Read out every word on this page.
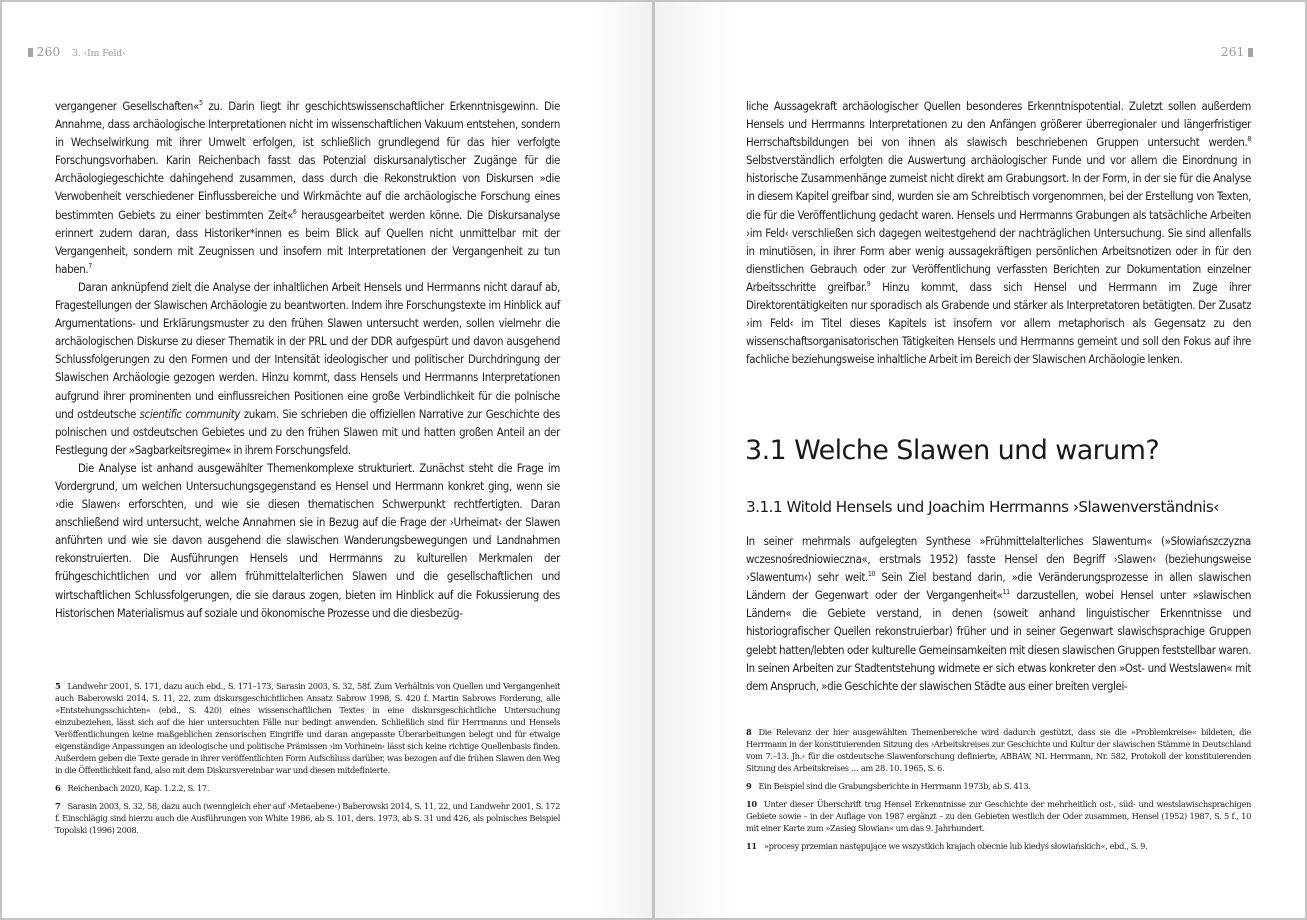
260 3. ›Im Feld‹

vergangener Gesellschaften«$^5$ zu. Darin liegt ihr geschichtswissenschaftlicher Erkenntnisgewinn. Die Annahme, dass archäologische Interpretationen nicht im wissenschaftlichen Vakuum entstehen, sondern in Wechselwirkung mit ihrer Umwelt erfolgen, ist schließlich grundlegend für das hier verfolgte Forschungsvorhaben. Karin Reichenbach fasst das Potenzial diskursanalytischer Zugänge für die Archäologiegeschichte dahingehend zusammen, dass durch die Rekonstruktion von Diskursen »die Verwobenheit verschiedener Einflussbereiche und Wirkmächte auf die archäologische Forschung eines bestimmten Gebiets zu einer bestimmten Zeit«$^6$ herausgearbeitet werden könne. Die Diskursanalyse erinnert zudem daran, dass Historiker*innen es beim Blick auf Quellen nicht unmittelbar mit der Vergangenheit, sondern mit Zeugnissen und insofern mit Interpretationen der Vergangenheit zu tun haben.$^7$

Daran anknüpfend zielt die Analyse der inhaltlichen Arbeit Hensels und Herrmanns nicht darauf ab, Fragestellungen der Slawischen Archäologie zu beantworten. Indem ihre Forschungstexte im Hinblick auf Argumentations- und Erklärungsmuster zu den frühen Slawen untersucht werden, sollen vielmehr die archäologischen Diskurse zu dieser Thematik in der PRL und der DDR aufgespürt und davon ausgehend Schlussfolgerungen zu den Formen und der Intensität ideologischer und politischer Durchdringung der Slawischen Archäologie gezogen werden. Hinzu kommt, dass Hensels und Herrmanns Interpretationen aufgrund ihrer prominenten und einflussreichen Positionen eine große Verbindlichkeit für die polnische und ostdeutsche scientific community zukam. Sie schrieben die offiziellen Narrative zur Geschichte des polnischen und ostdeutschen Gebietes und zu den frühen Slawen mit und hatten großen Anteil an der Festlegung der »Sagbarkeitsregime« in ihrem Forschungsfeld.

Die Analyse ist anhand ausgewählter Themenkomplexe strukturiert. Zunächst steht die Frage im Vordergrund, um welchen Untersuchungsgegenstand es Hensel und Herrmann konkret ging, wenn sie ›die Slawen‹ erforschten, und wie sie diesen thematischen Schwerpunkt rechtfertigten. Daran anschließend wird untersucht, welche Annahmen sie in Bezug auf die Frage der ›Urheimat‹ der Slawen anführten und wie sie davon ausgehend die slawischen Wanderungsbewegungen und Landnahmen rekonstruierten. Die Ausführungen Hensels und Herrmanns zu kulturellen Merkmalen der frühgeschichtlichen und vor allem frühmittelalterlichen Slawen und die gesellschaftlichen und wirtschaftlichen Schlussfolgerungen, die sie daraus zogen, bieten im Hinblick auf die Fokussierung des Historischen Materialismus auf soziale und ökonomische Prozesse und die diesbezüg-

5 Landwehr 2001, S. 171, dazu auch ebd., S. 171–173, Sarasin 2003, S. 32, 58f. Zum Verhältnis von Quellen und Vergangenheit auch Baberowski 2014, S. 11, 22, zum diskursgeschichtlichen Ansatz Sabrow 1998, S. 420 f. Martin Sabrows Forderung, alle »Entstehungsschichten« (ebd., S. 420) eines wissenschaftlichen Textes in eine diskursgeschichtliche Untersuchung einzubeziehen, lässt sich auf die hier untersuchten Fälle nur bedingt anwenden. Schließlich sind für Herrmanns und Hensels Veröffentlichungen keine maßgeblichen zensorischen Eingriffe und daran angepasste Überarbeitungen belegt und für etwaige eigenständige Anpassungen an ideologische und politische Prämissen ›im Vorhinein‹ lässt sich keine richtige Quellenbasis finden. Außerdem geben die Texte gerade in ihrer veröffentlichten Form Aufschluss darüber, was bezogen auf die frühen Slawen den Weg in die Öffentlichkeit fand, also mit dem Diskursvereinbar war und diesen mitdefinierte.

6 Reichenbach 2020, Kap. 1.2.2, S. 17.

7 Sarasin 2003, S. 32, 58, dazu auch (wenngleich eher auf ›Metaebene‹) Baberowski 2014, S. 11, 22, und Landwehr 2001, S. 172 f. Einschlägig sind hierzu auch die Ausführungen von White 1986, ab S. 101, ders. 1973, ab S. 31 und 426, als polnisches Beispiel Topolski (1996) 2008.

261

liche Aussagekraft archäologischer Quellen besonderes Erkenntnispotential. Zuletzt sollen außerdem Hensels und Herrmanns Interpretationen zu den Anfängen größerer überregionaler und längerfristiger Herrschaftsbildungen bei von ihnen als slawisch beschriebenen Gruppen untersucht werden.$^8$ Selbstverständlich erfolgten die Auswertung archäologischer Funde und vor allem die Einordnung in historische Zusammenhänge zumeist nicht direkt am Grabungsort. In der Form, in der sie für die Analyse in diesem Kapitel greifbar sind, wurden sie am Schreibtisch vorgenommen, bei der Erstellung von Texten, die für die Veröffentlichung gedacht waren. Hensels und Herrmanns Grabungen als tatsächliche Arbeiten ›im Feld‹ verschließen sich dagegen weitestgehend der nachträglichen Untersuchung. Sie sind allenfalls in minutiösen, in ihrer Form aber wenig aussagekräftigen persönlichen Arbeitsnotizen oder in für den dienstlichen Gebrauch oder zur Veröffentlichung verfassten Berichten zur Dokumentation einzelner Arbeitsschritte greifbar.$^9$ Hinzu kommt, dass sich Hensel und Herrmann im Zuge ihrer Direktorentätigkeiten nur sporadisch als Grabende und stärker als Interpretatoren betätigten. Der Zusatz ›im Feld‹ im Titel dieses Kapitels ist insofern vor allem metaphorisch als Gegensatz zu den wissenschaftsorganisatorischen Tätigkeiten Hensels und Herrmanns gemeint und soll den Fokus auf ihre fachliche beziehungsweise inhaltliche Arbeit im Bereich der Slawischen Archäologie lenken.

3.1 Welche Slawen und warum?
3.1.1 Witold Hensels und Joachim Herrmanns ›Slawenverständnis‹

In seiner mehrmals aufgelegten Synthese »Frühmittelalterliches Slawentum« (»Słowiańszczyzna wczesnośredniowieczna«, erstmals 1952) fasste Hensel den Begriff ›Slawen‹ (beziehungsweise ›Slawentum‹) sehr weit.$^{10}$ Sein Ziel bestand darin, »die Veränderungsprozesse in allen slawischen Ländern der Gegenwart oder der Vergangenheit«$^{11}$ darzustellen, wobei Hensel unter »slawischen Ländern« die Gebiete verstand, in denen (soweit anhand linguistischer Erkenntnisse und historiografischer Quellen rekonstruierbar) früher und in seiner Gegenwart slawischsprachige Gruppen gelebt hatten/lebten oder kulturelle Gemeinsamkeiten mit diesen slawischen Gruppen feststellbar waren. In seinen Arbeiten zur Stadtentstehung widmete er sich etwas konkreter den »Ost- und Westslawen« mit dem Anspruch, »die Geschichte der slawischen Städte aus einer breiten verglei-

8 Die Relevanz der hier ausgewählten Themenbereiche wird dadurch gestützt, dass sie die »Problemkreise« bildeten, die Herrmann in der konstituierenden Sitzung des ›Arbeitskreises zur Geschichte und Kultur der slawischen Stämme in Deutschland vom 7.–13. Jh.‹ für die ostdeutsche Slawenforschung definierte, ABBAW, NL Herrmann, Nr. 582, Protokoll der konstituierenden Sitzung des Arbeitskreises … am 28. 10. 1965, S. 6.

9 Ein Beispiel sind die Grabungsberichte in Herrmann 1973b, ab S. 413.

10 Unter dieser Überschrift trug Hensel Erkenntnisse zur Geschichte der mehrheitlich ost-, süd- und westslawischsprachigen Gebiete sowie – in der Auflage von 1987 ergänzt – zu den Gebieten westlich der Oder zusammen, Hensel (1952) 1987, S. 5 f., 10 mit einer Karte zum »Zasieg Słowian« um das 9. Jahrhundert.

11 »procesy przemian następujące we wszystkich krajach obecnie lub kiedyś słowiańskich«, ebd., S. 9.
